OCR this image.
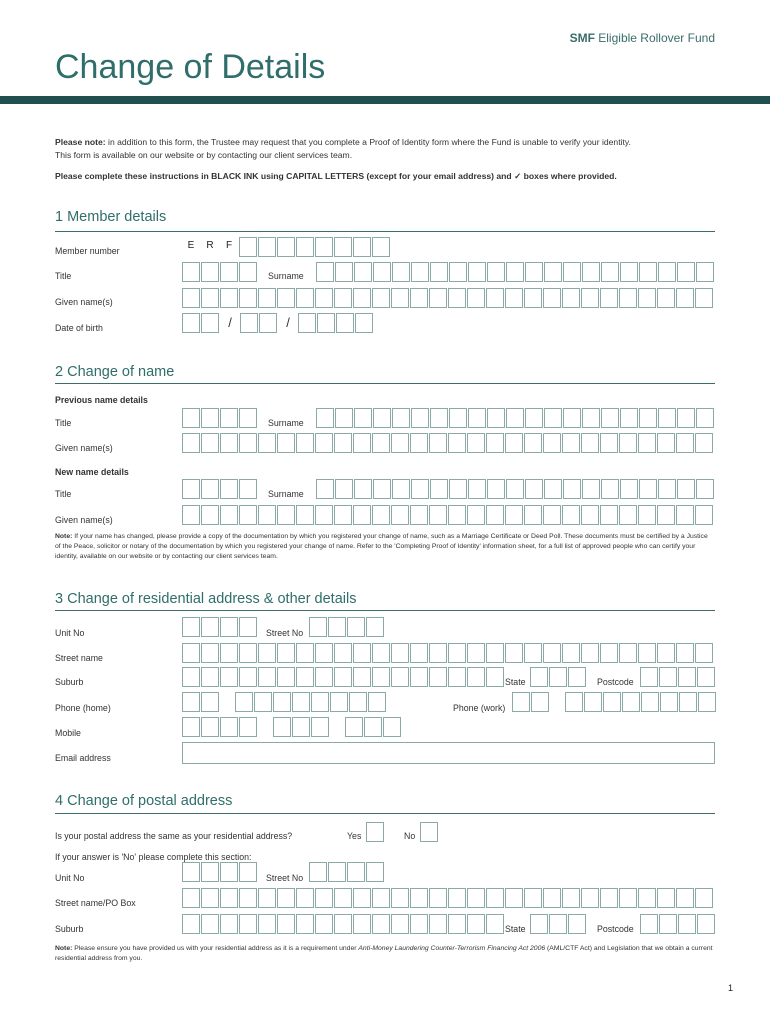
SMF Eligible Rollover Fund
Change of Details
Please note: in addition to this form, the Trustee may request that you complete a Proof of Identity form where the Fund is unable to verify your identity.
This form is available on our website or by contacting our client services team.
Please complete these instructions in BLACK INK using CAPITAL LETTERS (except for your email address) and ✓ boxes where provided.
1 Member details
Member number	E	R	F
Title	Surname
Given name(s)
Date of birth	/	/
2 Change of name
Previous name details
Title	Surname
Given name(s)
New name details
Title	Surname
Given name(s)
Note: If your name has changed, please provide a copy of the documentation by which you registered your change of name, such as a Marriage Certificate or Deed Poll. These documents must be certified by a Justice of the Peace, solicitor or notary of the documentation by which you registered your change of name. Refer to the 'Completing Proof of Identity' information sheet, for a full list of approved people who can certify your identity, available on our website or by contacting our client services team.
3 Change of residential address & other details
Unit No	Street No
Street name
Suburb	State	Postcode
Phone (home)	Phone (work)
Mobile
Email address
4 Change of postal address
Is your postal address the same as your residential address?	Yes	No
If your answer is 'No' please complete this section:
Unit No	Street No
Street name/PO Box
Suburb	State	Postcode
Note: Please ensure you have provided us with your residential address as it is a requirement under Anti-Money Laundering Counter-Terrorism Financing Act 2006 (AML/CTF Act) and Legislation that we obtain a current residential address from you.
1
